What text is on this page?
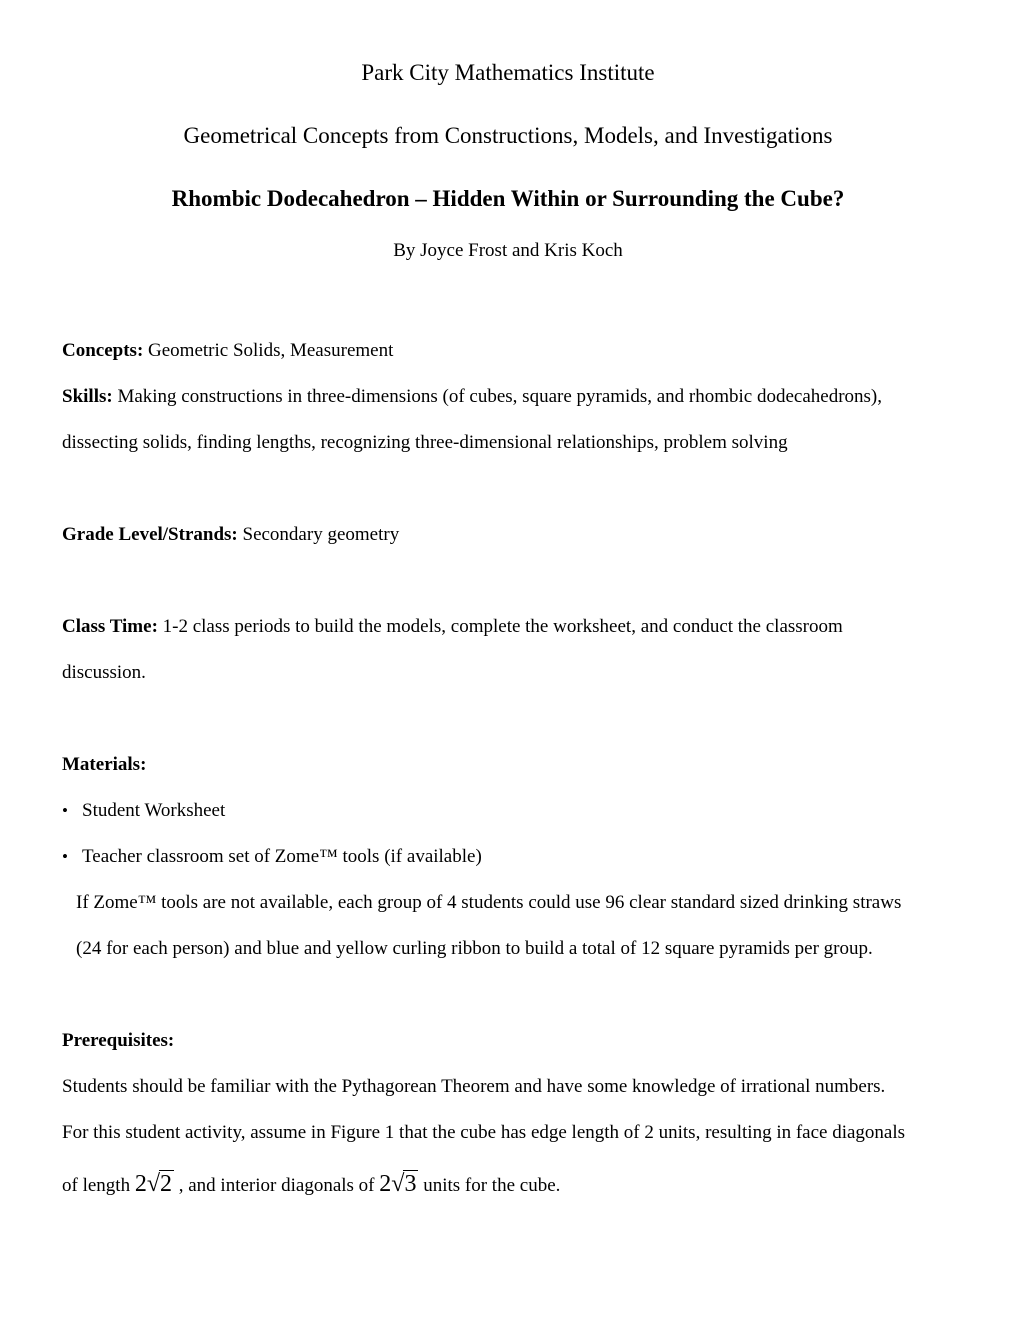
Park City Mathematics Institute
Geometrical Concepts from Constructions, Models, and Investigations
Rhombic Dodecahedron – Hidden Within or Surrounding the Cube?
By Joyce Frost and Kris Koch
Concepts: Geometric Solids, Measurement
Skills: Making constructions in three-dimensions (of cubes, square pyramids, and rhombic dodecahedrons),
dissecting solids, finding lengths, recognizing three-dimensional relationships, problem solving
Grade Level/Strands: Secondary geometry
Class Time: 1-2 class periods to build the models, complete the worksheet, and conduct the classroom
discussion.
Materials:
• Student Worksheet
• Teacher classroom set of Zome™ tools (if available)
If Zome™ tools are not available, each group of 4 students could use 96 clear standard sized drinking straws
(24 for each person) and blue and yellow curling ribbon to build a total of 12 square pyramids per group.
Prerequisites:
Students should be familiar with the Pythagorean Theorem and have some knowledge of irrational numbers.
For this student activity, assume in Figure 1 that the cube has edge length of 2 units, resulting in face diagonals
of length 2√2 , and interior diagonals of 2√3 units for the cube.
